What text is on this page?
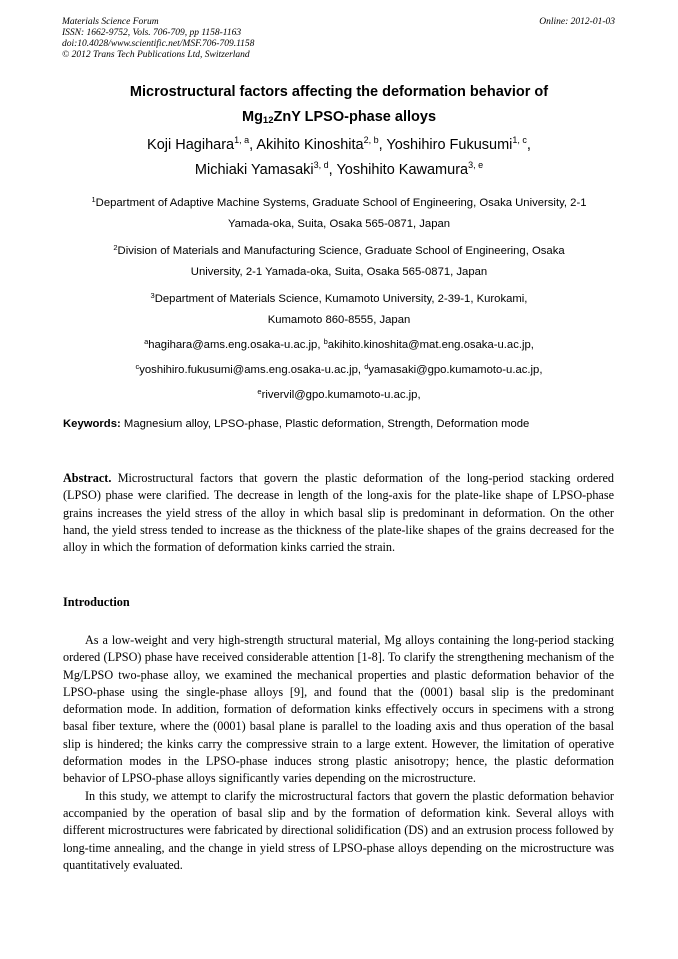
Materials Science Forum
ISSN: 1662-9752, Vols. 706-709, pp 1158-1163
doi:10.4028/www.scientific.net/MSF.706-709.1158
© 2012 Trans Tech Publications Ltd, Switzerland
Online: 2012-01-03
Microstructural factors affecting the deformation behavior of
$Mg_{12}ZnY$ LPSO-phase alloys
Koji Hagihara$^{1, a}$, Akihito Kinoshita$^{2, b}$, Yoshihiro Fukusumi$^{1, c}$,
Michiaki Yamasaki$^{3, d}$, Yoshihito Kawamura$^{3, e}$
$^1$Department of Adaptive Machine Systems, Graduate School of Engineering, Osaka University, 2-1
Yamada-oka, Suita, Osaka 565-0871, Japan
$^2$Division of Materials and Manufacturing Science, Graduate School of Engineering, Osaka
University, 2-1 Yamada-oka, Suita, Osaka 565-0871, Japan
$^3$Department of Materials Science, Kumamoto University, 2-39-1, Kurokami,
Kumamoto 860-8555, Japan
$^a$hagihara@ams.eng.osaka-u.ac.jp, $^b$akihito.kinoshita@mat.eng.osaka-u.ac.jp,
$^c$yoshihiro.fukusumi@ams.eng.osaka-u.ac.jp, $^d$yamasaki@gpo.kumamoto-u.ac.jp,
$^e$rivervil@gpo.kumamoto-u.ac.jp,
Keywords: Magnesium alloy, LPSO-phase, Plastic deformation, Strength, Deformation mode

Abstract. Microstructural factors that govern the plastic deformation of the long-period stacking ordered (LPSO) phase were clarified. The decrease in length of the long-axis for the plate-like shape of LPSO-phase grains increases the yield stress of the alloy in which basal slip is predominant in deformation. On the other hand, the yield stress tended to increase as the thickness of the plate-like shapes of the grains decreased for the alloy in which the formation of deformation kinks carried the strain.

Introduction

As a low-weight and very high-strength structural material, Mg alloys containing the long-period stacking ordered (LPSO) phase have received considerable attention [1-8]. To clarify the strengthening mechanism of the Mg/LPSO two-phase alloy, we examined the mechanical properties and plastic deformation behavior of the LPSO-phase using the single-phase alloys [9], and found that the (0001) basal slip is the predominant deformation mode. In addition, formation of deformation kinks effectively occurs in specimens with a strong basal fiber texture, where the (0001) basal plane is parallel to the loading axis and thus operation of the basal slip is hindered; the kinks carry the compressive strain to a large extent. However, the limitation of operative deformation modes in the LPSO-phase induces strong plastic anisotropy; hence, the plastic deformation behavior of LPSO-phase alloys significantly varies depending on the microstructure.

In this study, we attempt to clarify the microstructural factors that govern the plastic deformation behavior accompanied by the operation of basal slip and by the formation of deformation kink. Several alloys with different microstructures were fabricated by directional solidification (DS) and an extrusion process followed by long-time annealing, and the change in yield stress of LPSO-phase alloys depending on the microstructure was quantitatively evaluated.
